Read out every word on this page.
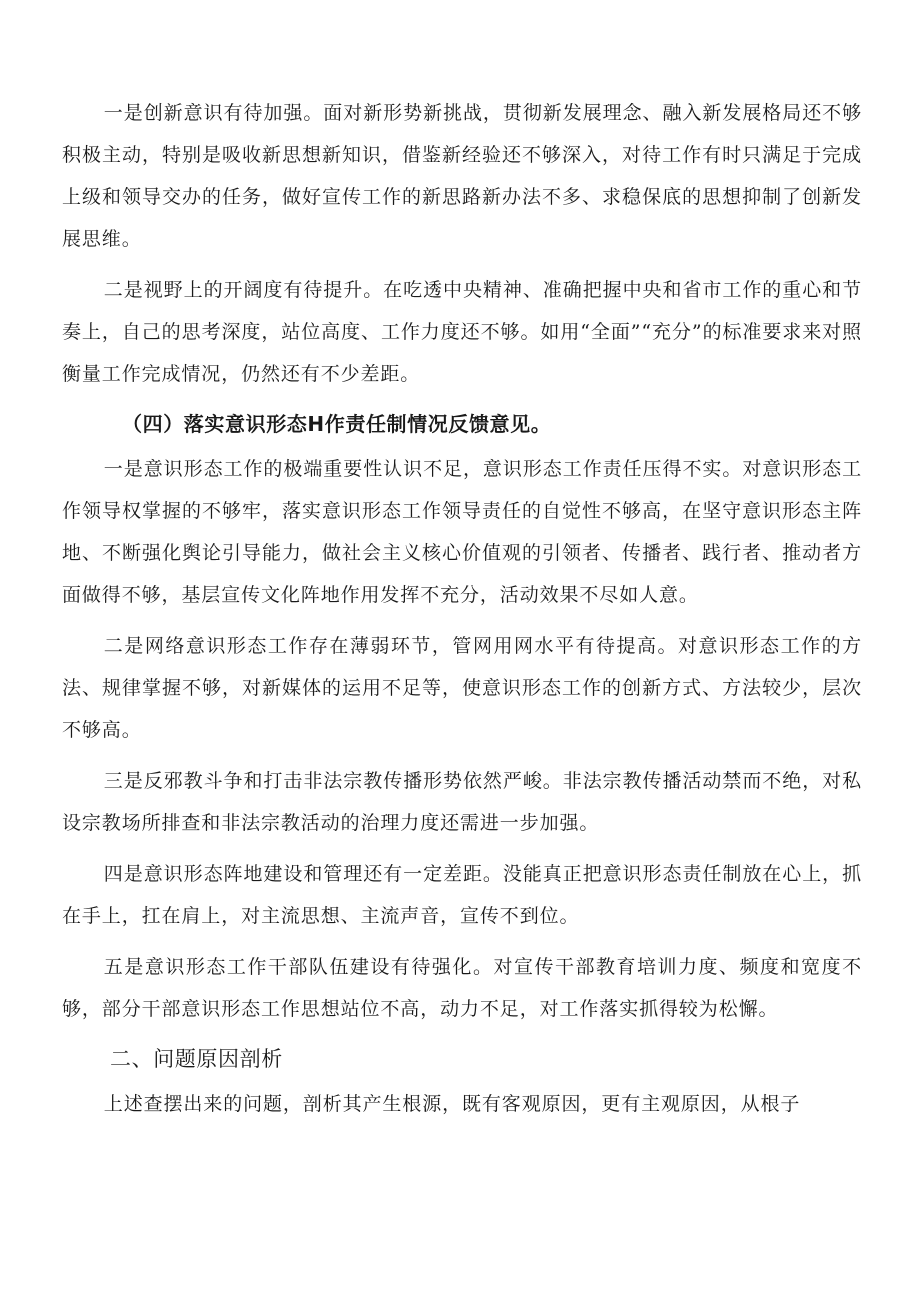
一是创新意识有待加强。面对新形势新挑战，贯彻新发展理念、融入新发展格局还不够积极主动，特别是吸收新思想新知识，借鉴新经验还不够深入，对待工作有时只满足于完成上级和领导交办的任务，做好宣传工作的新思路新办法不多、求稳保底的思想抑制了创新发展思维。

二是视野上的开阔度有待提升。在吃透中央精神、准确把握中央和省市工作的重心和节奏上，自己的思考深度，站位高度、工作力度还不够。如用“全面”“充分”的标准要求来对照衡量工作完成情况，仍然还有不少差距。

（四）落实意识形态H作责任制情况反馈意见。

一是意识形态工作的极端重要性认识不足，意识形态工作责任压得不实。对意识形态工作领导权掌握的不够牢，落实意识形态工作领导责任的自觉性不够高，在坚守意识形态主阵地、不断强化舆论引导能力，做社会主义核心价值观的引领者、传播者、践行者、推动者方面做得不够，基层宣传文化阵地作用发挥不充分，活动效果不尽如人意。

二是网络意识形态工作存在薄弱环节，管网用网水平有待提高。对意识形态工作的方法、规律掌握不够，对新媒体的运用不足等，使意识形态工作的创新方式、方法较少，层次不够高。

三是反邪教斗争和打击非法宗教传播形势依然严峻。非法宗教传播活动禁而不绝，对私设宗教场所排查和非法宗教活动的治理力度还需进一步加强。

四是意识形态阵地建设和管理还有一定差距。没能真正把意识形态责任制放在心上，抓在手上，扛在肩上，对主流思想、主流声音，宣传不到位。

五是意识形态工作干部队伍建设有待强化。对宣传干部教育培训力度、频度和宽度不够，部分干部意识形态工作思想站位不高，动力不足，对工作落实抓得较为松懈。

二、问题原因剖析

上述查摆出来的问题，剖析其产生根源，既有客观原因，更有主观原因，从根子
